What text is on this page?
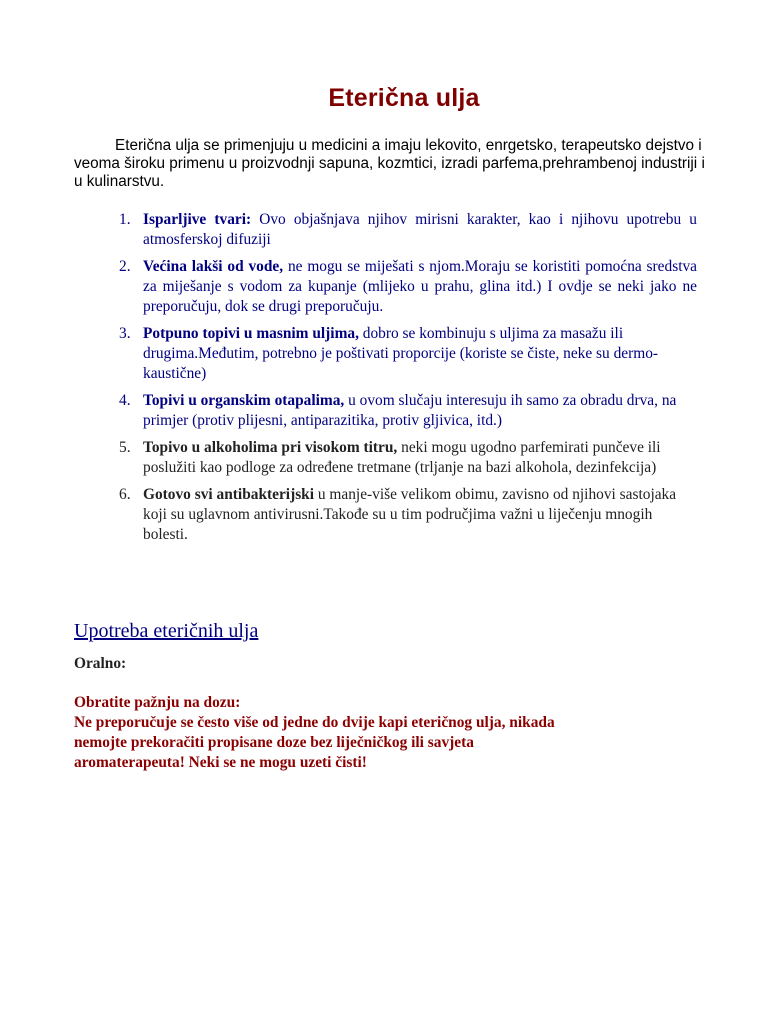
Eterična ulja

Eterična ulja se primenjuju u medicini a imaju lekovito, enrgetsko, terapeutsko dejstvo i veoma široku primenu u proizvodnji sapuna, kozmtici, izradi parfema,prehrambenoj industriji i u kulinarstvu.

1. Isparljive tvari: Ovo objašnjava njihov mirisni karakter, kao i njihovu upotrebu u atmosferskoj difuziji
2. Većina lakši od vode, ne mogu se miješati s njom.Moraju se koristiti pomoćna sredstva za miješanje s vodom za kupanje (mlijeko u prahu, glina itd.) I ovdje se neki jako ne preporučuju, dok se drugi preporučuju.
3. Potpuno topivi u masnim uljima, dobro se kombinuju s uljima za masažu ili drugima.Međutim, potrebno je poštivati proporcije (koriste se čiste, neke su dermo-kaustične)
4. Topivi u organskim otapalima, u ovom slučaju interesuju ih samo za obradu drva, na primjer (protiv plijesni, antiparazitika, protiv gljivica, itd.)
5. Topivo u alkoholima pri visokom titru, neki mogu ugodno parfemirati punčeve ili poslužiti kao podloge za određene tretmane (trljanje na bazi alkohola, dezinfekcija)
6. Gotovo svi antibakterijski u manje-više velikom obimu, zavisno od njihovi sastojaka koji su uglavnom antivirusni.Takođe su u tim područjima važni u liječenju mnogih bolesti.
Upotreba eteričnih ulja

Oralno:

Obratite pažnju na dozu:
Ne preporučuje se često više od jedne do dvije kapi eteričnog ulja, nikada
nemojte prekoračiti propisane doze bez liječničkog ili savjeta
aromaterapeuta! Neki se ne mogu uzeti čisti!
